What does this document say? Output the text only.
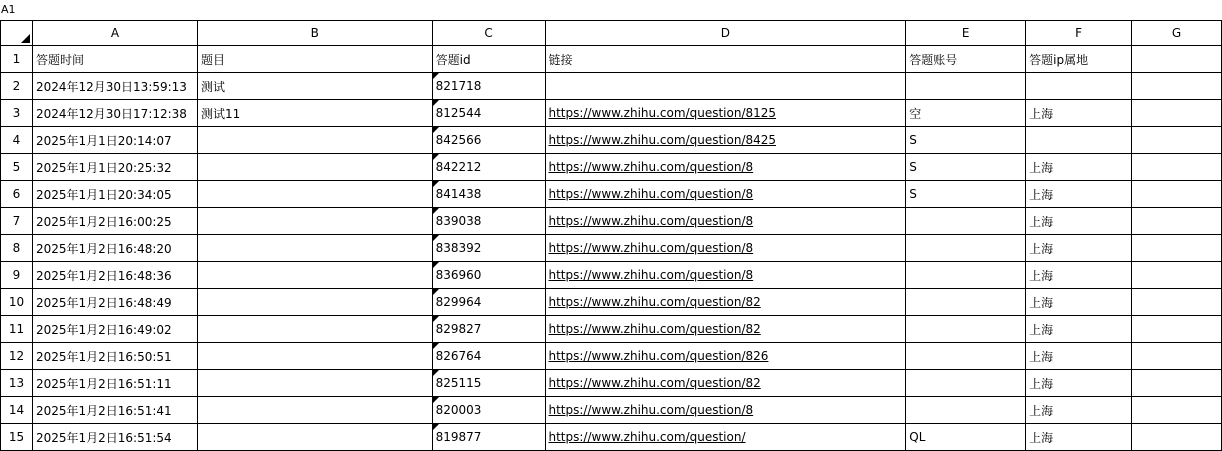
A1
	A	B	C	D	E	F	G
1	答题时间	题目	答题id	链接	答题账号	答题ip属地	
2	2024年12月30日13:59:13	测试	821718				
3	2024年12月30日17:12:38	测试11	812544	https://www.zhihu.com/question/8125	空	上海	
4	2025年1月1日20:14:07		842566	https://www.zhihu.com/question/8425	S		
5	2025年1月1日20:25:32		842212	https://www.zhihu.com/question/8	S	上海	
6	2025年1月1日20:34:05		841438	https://www.zhihu.com/question/8	S	上海	
7	2025年1月2日16:00:25		839038	https://www.zhihu.com/question/8		上海	
8	2025年1月2日16:48:20		838392	https://www.zhihu.com/question/8		上海	
9	2025年1月2日16:48:36		836960	https://www.zhihu.com/question/8		上海	
10	2025年1月2日16:48:49		829964	https://www.zhihu.com/question/82		上海	
11	2025年1月2日16:49:02		829827	https://www.zhihu.com/question/82		上海	
12	2025年1月2日16:50:51		826764	https://www.zhihu.com/question/826		上海	
13	2025年1月2日16:51:11		825115	https://www.zhihu.com/question/82		上海	
14	2025年1月2日16:51:41		820003	https://www.zhihu.com/question/8		上海	
15	2025年1月2日16:51:54		819877	https://www.zhihu.com/question/	QL	上海	
